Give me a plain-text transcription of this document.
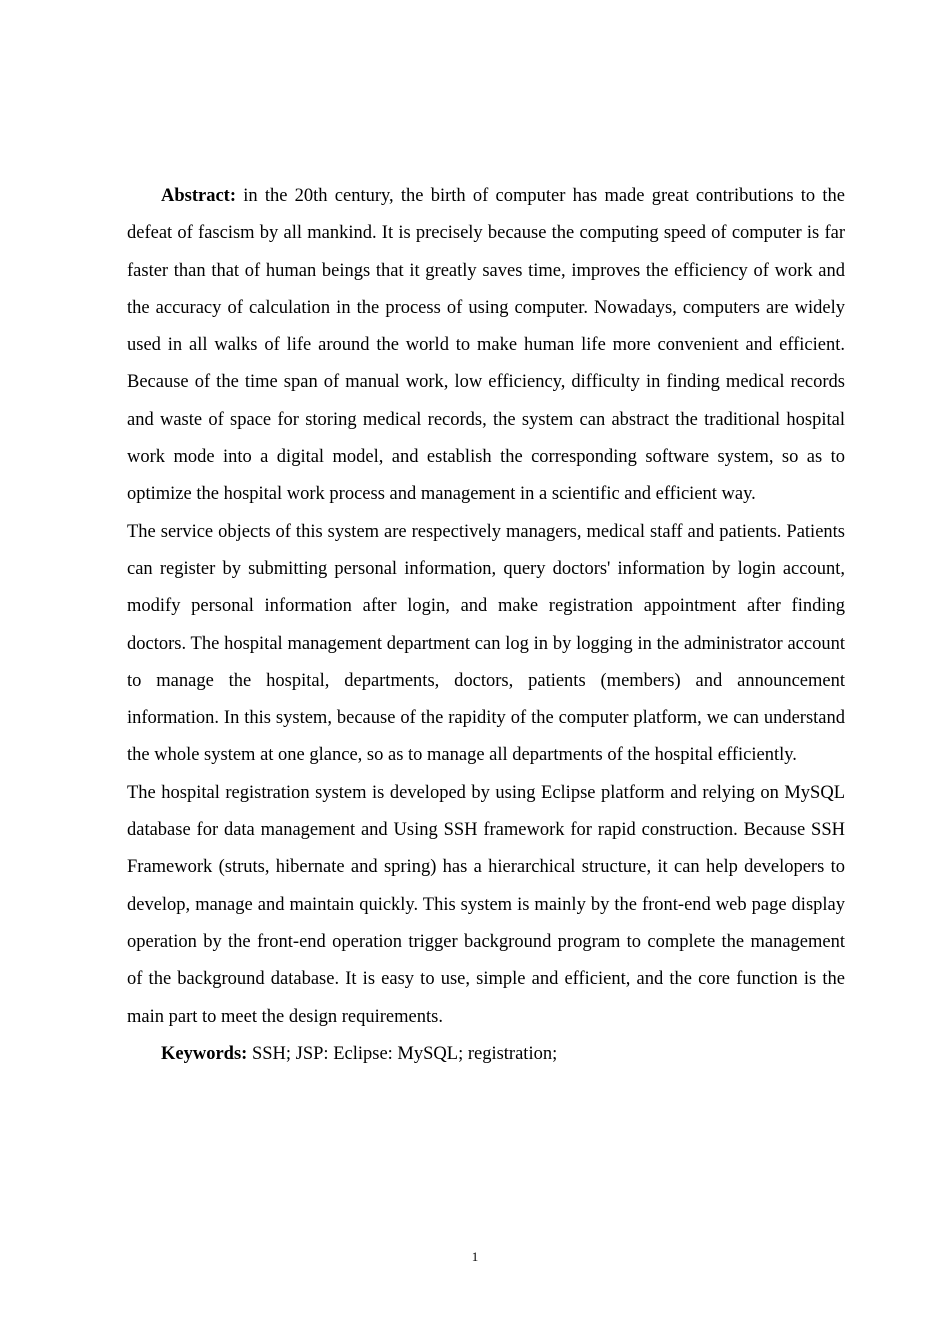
Abstract: in the 20th century, the birth of computer has made great contributions to the defeat of fascism by all mankind. It is precisely because the computing speed of computer is far faster than that of human beings that it greatly saves time, improves the efficiency of work and the accuracy of calculation in the process of using computer. Nowadays, computers are widely used in all walks of life around the world to make human life more convenient and efficient. Because of the time span of manual work, low efficiency, difficulty in finding medical records and waste of space for storing medical records, the system can abstract the traditional hospital work mode into a digital model, and establish the corresponding software system, so as to optimize the hospital work process and management in a scientific and efficient way.

The service objects of this system are respectively managers, medical staff and patients. Patients can register by submitting personal information, query doctors' information by login account, modify personal information after login, and make registration appointment after finding doctors. The hospital management department can log in by logging in the administrator account to manage the hospital, departments, doctors, patients (members) and announcement information. In this system, because of the rapidity of the computer platform, we can understand the whole system at one glance, so as to manage all departments of the hospital efficiently.

The hospital registration system is developed by using Eclipse platform and relying on MySQL database for data management and Using SSH framework for rapid construction. Because SSH Framework (struts, hibernate and spring) has a hierarchical structure, it can help developers to develop, manage and maintain quickly. This system is mainly by the front-end web page display operation by the front-end operation trigger background program to complete the management of the background database. It is easy to use, simple and efficient, and the core function is the main part to meet the design requirements.

Keywords: SSH; JSP: Eclipse: MySQL; registration;

1
